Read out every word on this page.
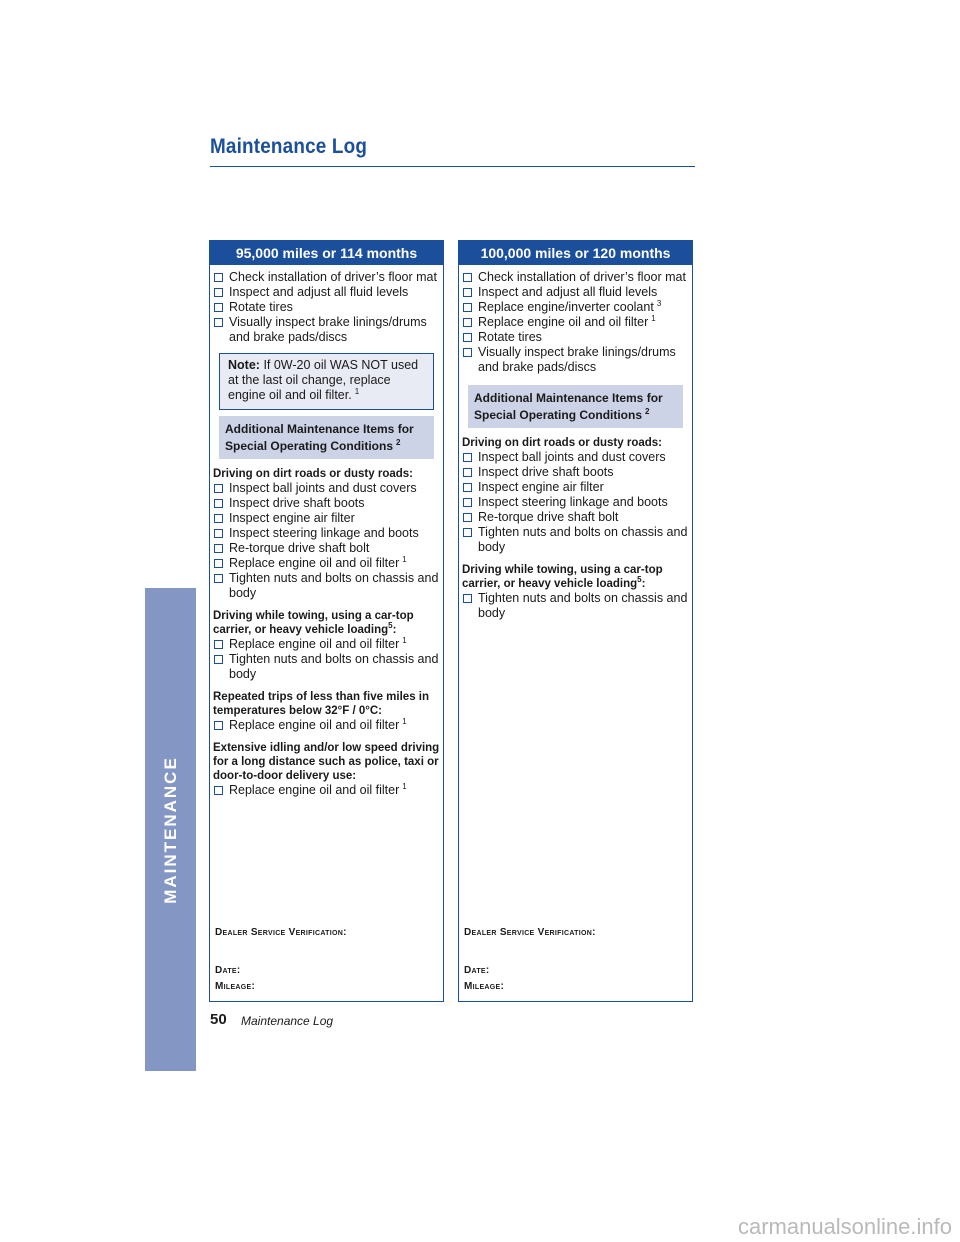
Maintenance Log
MAINTENANCE
95,000 miles or 114 months
Check installation of driver’s floor mat
Inspect and adjust all fluid levels
Rotate tires
Visually inspect brake linings/drums and brake pads/discs
Note: If 0W-20 oil WAS NOT used at the last oil change, replace engine oil and oil filter. $^1$
Additional Maintenance Items for
Special Operating Conditions $^2$
Driving on dirt roads or dusty roads:
Inspect ball joints and dust covers
Inspect drive shaft boots
Inspect engine air filter
Inspect steering linkage and boots
Re-torque drive shaft bolt
Replace engine oil and oil filter $^1$
Tighten nuts and bolts on chassis and body
Driving while towing, using a car-top carrier, or heavy vehicle loading$^5$:
Replace engine oil and oil filter $^1$
Tighten nuts and bolts on chassis and body
Repeated trips of less than five miles in temperatures below 32°F / 0°C:
Replace engine oil and oil filter $^1$
Extensive idling and/or low speed driving for a long distance such as police, taxi or door-to-door delivery use:
Replace engine oil and oil filter $^1$
Dealer Service Verification:
Date:
Mileage:
100,000 miles or 120 months
Check installation of driver’s floor mat
Inspect and adjust all fluid levels
Replace engine/inverter coolant $^3$
Replace engine oil and oil filter $^1$
Rotate tires
Visually inspect brake linings/drums and brake pads/discs
Additional Maintenance Items for
Special Operating Conditions $^2$
Driving on dirt roads or dusty roads:
Inspect ball joints and dust covers
Inspect drive shaft boots
Inspect engine air filter
Inspect steering linkage and boots
Re-torque drive shaft bolt
Tighten nuts and bolts on chassis and body
Driving while towing, using a car-top carrier, or heavy vehicle loading$^5$:
Tighten nuts and bolts on chassis and body
Dealer Service Verification:
Date:
Mileage:
50 Maintenance Log
carmanualsonline.info
